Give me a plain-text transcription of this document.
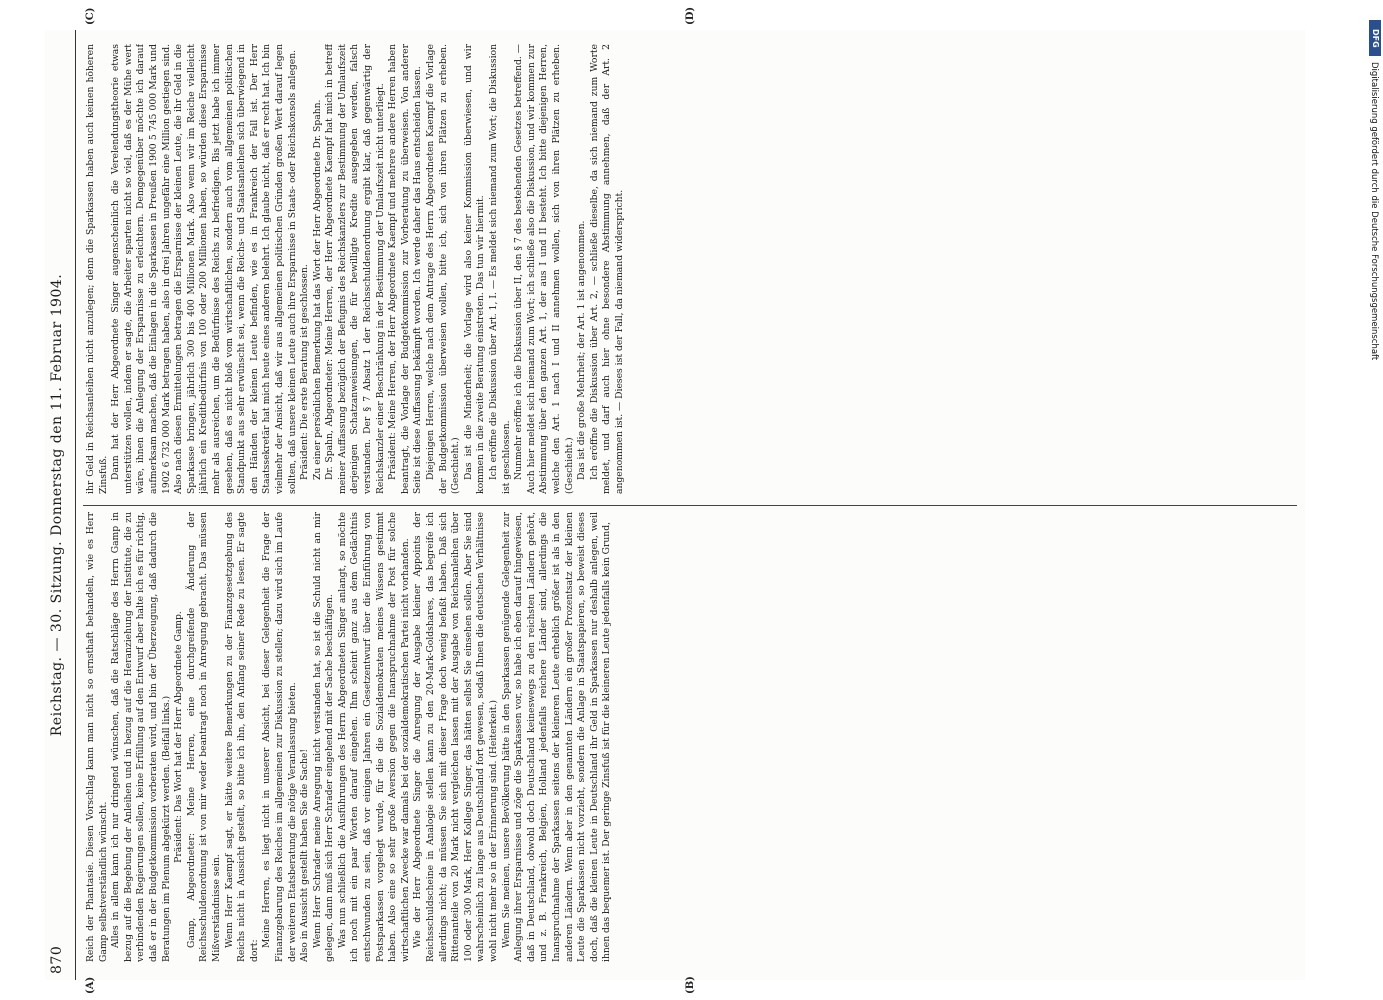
870
Reichstag. — 30. Sitzung. Donnerstag den 11. Februar 1904.
(A)	(B)
(C)	(D)

Reich der Phantasie. Diesen Vorschlag kann man nicht so ernsthaft behandeln, wie es Herr Gamp selbstverständlich wünscht. Alles in allem kann ich nur dringend wünschen, daß die Ratschläge des Herrn Gamp in bezug auf die Begebung der Anleihen und in bezug auf die Heranziehung der Institute, die zu verbindenden Regierungen sollen, keine Erfüllung auf den Entwurf aber halte ich es für richtig, daß er in der Budgetkommission vorberaten wird, und bin der Überzeugung, daß dadurch die Beratungen im Plenum abgekürzt werden. (Beifall links.) Präsident: Das Wort hat der Herr Abgeordnete Gamp. Gamp, Abgeordneter: Meine Herren, eine durchgreifende Änderung der Reichsschuldenordnung ist von mir weder beantragt noch in Anregung gebracht. Das müssen Mißverständnisse sein. Wenn Herr Kaempf sagt, er hätte weitere Bemerkungen zu der Finanzgesetzgebung des Reichs nicht in Aussicht gestellt, so bitte ich ihn, den Anfang seiner Rede zu lesen. Er sagte dort:

Meine Herren, es liegt nicht in unserer Absicht, bei dieser Gelegenheit die Frage der Finanzgebarung des Reiches im allgemeinen zur Diskussion zu stellen; dazu wird sich im Laufe der weiteren Etatsberatung die nötige Veranlassung bieten. Also in Aussicht gestellt haben Sie die Sache! Wenn Herr Schrader meine Anregung nicht verstanden hat, so ist die Schuld nicht an mir gelegen, dann muß sich Herr Schrader eingehend mit der Sache beschäftigen. Was nun schließlich die Ausführungen des Herrn Abgeordneten Singer anlangt, so möchte ich noch mit ein paar Worten darauf eingehen. Ihm scheint ganz aus dem Gedächtnis entschwunden zu sein, daß vor einigen Jahren ein Gesetzentwurf über die Einführung von Postsparkassen vorgelegt wurde, für die die Sozialdemokraten meines Wissens gestimmt haben. Also eine so sehr große Aversion gegen die Inanspruchnahme der Post für solche wirtschaftlichen Zwecke war damals bei der sozialdemokratischen Partei nicht vorhanden. Wie der Herr Abgeordnete Singer die Anregung der Ausgabe kleiner Appoints der Reichsschuldscheine in Analogie stellen kann zu den 20-Mark-Goldshares, das begreife ich allerdings nicht; da müssen Sie sich mit dieser Frage doch wenig befaßt haben. Daß sich Rittenanteile von 20 Mark nicht vergleichen lassen mit der Ausgabe von Reichsanleihen über 100 oder 300 Mark, Herr Kollege Singer, das hätten selbst Sie einsehen sollen. Aber Sie sind wahrscheinlich zu lange aus Deutschland fort gewesen, sodaß Ihnen die deutschen Verhältnisse wohl nicht mehr so in der Erinnerung sind. (Heiterkeit.) Wenn Sie meinen, unsere Bevölkerung hätte in den Sparkassen genügende Gelegenheit zur Anlegung ihrer Ersparnisse und zöge die Sparkassen vor, so habe ich eben darauf hingewiesen, daß in Deutschland, obwohl doch Deutschland keineswegs zu den reichsten Ländern gehört, und z. B. Frankreich, Belgien, Holland jedenfalls reichere Länder sind, allerdings die Inanspruchnahme der Sparkassen seitens der kleineren Leute erheblich größer ist als in den anderen Ländern. Wenn aber in den genannten Ländern ein großer Prozentsatz der kleinen Leute die Sparkassen nicht vorzieht, sondern die Anlage in Staatspapieren, so beweist dieses doch, daß die kleinen Leute in Deutschland ihr Geld in Sparkassen nur deshalb anlegen, weil ihnen das bequemer ist. Der geringe Zinsfuß ist für die kleineren Leute jedenfalls kein Grund,

ihr Geld in Reichsanleihen nicht anzulegen; denn die Sparkassen haben auch keinen höheren Zinsfuß. Dann hat der Herr Abgeordnete Singer augenscheinlich die Verelendungstheorie etwas unterstützen wollen, indem er sagte, die Arbeiter sparten nicht so viel, daß es der Mühe wert wäre, ihnen die Anlegung der Ersparnisse zu erleichtern. Demgegenüber möchte ich darauf aufmerksam machen, daß die Einlagen in die Sparkassen in Preußen 1900 5 745 000 Mark und 1902 6 732 000 Mark betragen haben, also in drei Jahren ungefähr eine Million gestiegen sind. Also nach diesen Ermittelungen betragen die Ersparnisse der kleinen Leute, die ihr Geld in die Sparkasse bringen, jährlich 300 bis 400 Millionen Mark. Also wenn wir im Reiche vielleicht jährlich ein Kreditbedürfnis von 100 oder 200 Millionen haben, so würden diese Ersparnisse mehr als ausreichen, um die Bedürfnisse des Reichs zu befriedigen. Bis jetzt habe ich immer gesehen, daß es nicht bloß vom wirtschaftlichen, sondern auch vom allgemeinen politischen Standpunkt aus sehr erwünscht sei, wenn die Reichs- und Staatsanleihen sich überwiegend in den Händen der kleinen Leute befinden, wie es in Frankreich der Fall ist. Der Herr Staatssekretär hat mich heute eines anderen belehrt. Ich glaube nicht, daß er recht hat. Ich bin vielmehr der Ansicht, daß wir aus allgemeinen politischen Gründen großen Wert darauf legen sollten, daß unsere kleinen Leute auch ihre Ersparnisse in Staats- oder Reichskonsols anlegen. Präsident: Die erste Beratung ist geschlossen. Zu einer persönlichen Bemerkung hat das Wort der Herr Abgeordnete Dr. Spahn. Dr. Spahn, Abgeordneter: Meine Herren, der Herr Abgeordnete Kaempf hat mich in betreff meiner Auffassung bezüglich der Befugnis des Reichskanzlers zur Bestimmung der Umlaufszeit derjenigen Schatzanweisungen, die für bewilligte Kredite ausgegeben werden, falsch verstanden. Der § 7 Absatz 1 der Reichsschuldenordnung ergibt klar, daß gegenwärtig der Reichskanzler einer Beschränkung in der Bestimmung der Umlaufszeit nicht unterliegt. Präsident: Meine Herren, der Herr Abgeordnete Kaempf und mehrere andere Herren haben beantragt, die Vorlage der Budgetkommission zur Vorberatung zu überweisen. Von anderer Seite ist diese Auffassung bekämpft worden. Ich werde daher das Haus entscheiden lassen. Diejenigen Herren, welche nach dem Antrage des Herrn Abgeordneten Kaempf die Vorlage der Budgetkommission überweisen wollen, bitte ich, sich von ihren Plätzen zu erheben. (Geschieht.) Das ist die Minderheit; die Vorlage wird also keiner Kommission überwiesen, und wir kommen in die zweite Beratung einstreten. Das tun wir hiermit. Ich eröffne die Diskussion über Art. 1, I. — Es meldet sich niemand zum Wort; die Diskussion ist geschlossen. Nunmehr eröffne ich die Diskussion über II, den § 7 des bestehenden Gesetzes betreffend. — Auch hier meldet sich niemand zum Wort; ich schließe also die Diskussion, und wir kommen zur Abstimmung über den ganzen Art. 1, der aus I und II besteht. Ich bitte diejenigen Herren, welche den Art. 1 nach I und II annehmen wollen, sich von ihren Plätzen zu erheben. (Geschieht.) Das ist die große Mehrheit; der Art. 1 ist angenommen. Ich eröffne die Diskussion über Art. 2, — schließe dieselbe, da sich niemand zum Worte meldet, und darf auch hier ohne besondere Abstimmung annehmen, daß der Art. 2 angenommen ist. — Dieses ist der Fall, da niemand widerspricht.

DFG
Digitalisierung gefördert durch die Deutsche Forschungsgemeinschaft
